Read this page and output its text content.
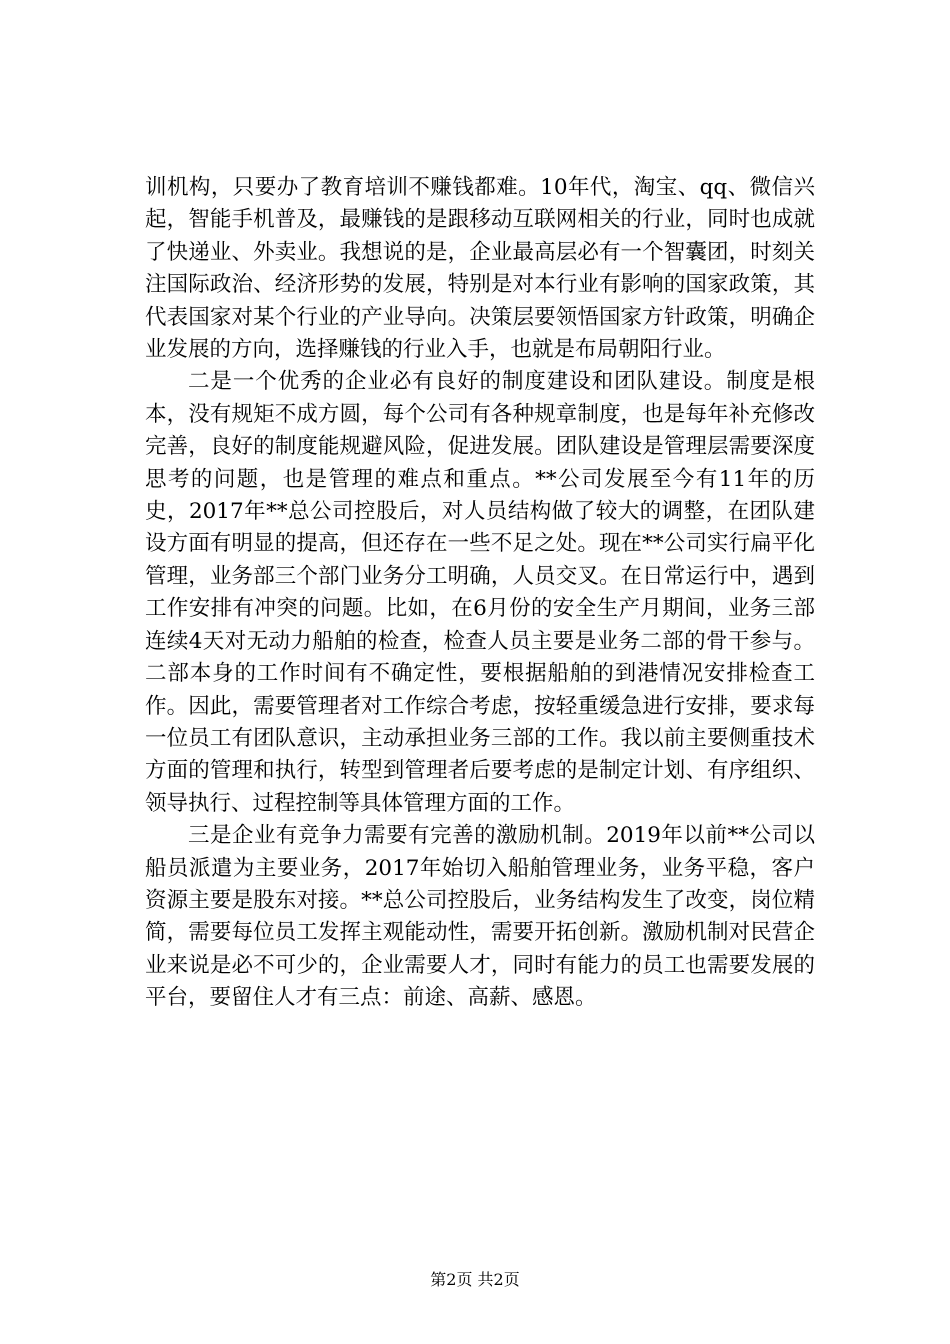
训机构，只要办了教育培训不赚钱都难。10年代，淘宝、qq、微信兴起，智能手机普及，最赚钱的是跟移动互联网相关的行业，同时也成就了快递业、外卖业。我想说的是，企业最高层必有一个智囊团，时刻关注国际政治、经济形势的发展，特别是对本行业有影响的国家政策，其代表国家对某个行业的产业导向。决策层要领悟国家方针政策，明确企业发展的方向，选择赚钱的行业入手，也就是布局朝阳行业。

二是一个优秀的企业必有良好的制度建设和团队建设。制度是根本，没有规矩不成方圆，每个公司有各种规章制度，也是每年补充修改完善，良好的制度能规避风险，促进发展。团队建设是管理层需要深度思考的问题，也是管理的难点和重点。**公司发展至今有11年的历史，2017年**总公司控股后，对人员结构做了较大的调整，在团队建设方面有明显的提高，但还存在一些不足之处。现在**公司实行扁平化管理，业务部三个部门业务分工明确，人员交叉。在日常运行中，遇到工作安排有冲突的问题。比如，在6月份的安全生产月期间，业务三部连续4天对无动力船舶的检查，检查人员主要是业务二部的骨干参与。二部本身的工作时间有不确定性，要根据船舶的到港情况安排检查工作。因此，需要管理者对工作综合考虑，按轻重缓急进行安排，要求每一位员工有团队意识，主动承担业务三部的工作。我以前主要侧重技术方面的管理和执行，转型到管理者后要考虑的是制定计划、有序组织、领导执行、过程控制等具体管理方面的工作。

三是企业有竞争力需要有完善的激励机制。2019年以前**公司以船员派遣为主要业务，2017年始切入船舶管理业务，业务平稳，客户资源主要是股东对接。**总公司控股后，业务结构发生了改变，岗位精简，需要每位员工发挥主观能动性，需要开拓创新。激励机制对民营企业来说是必不可少的，企业需要人才，同时有能力的员工也需要发展的平台，要留住人才有三点：前途、高薪、感恩。

第2页 共2页
